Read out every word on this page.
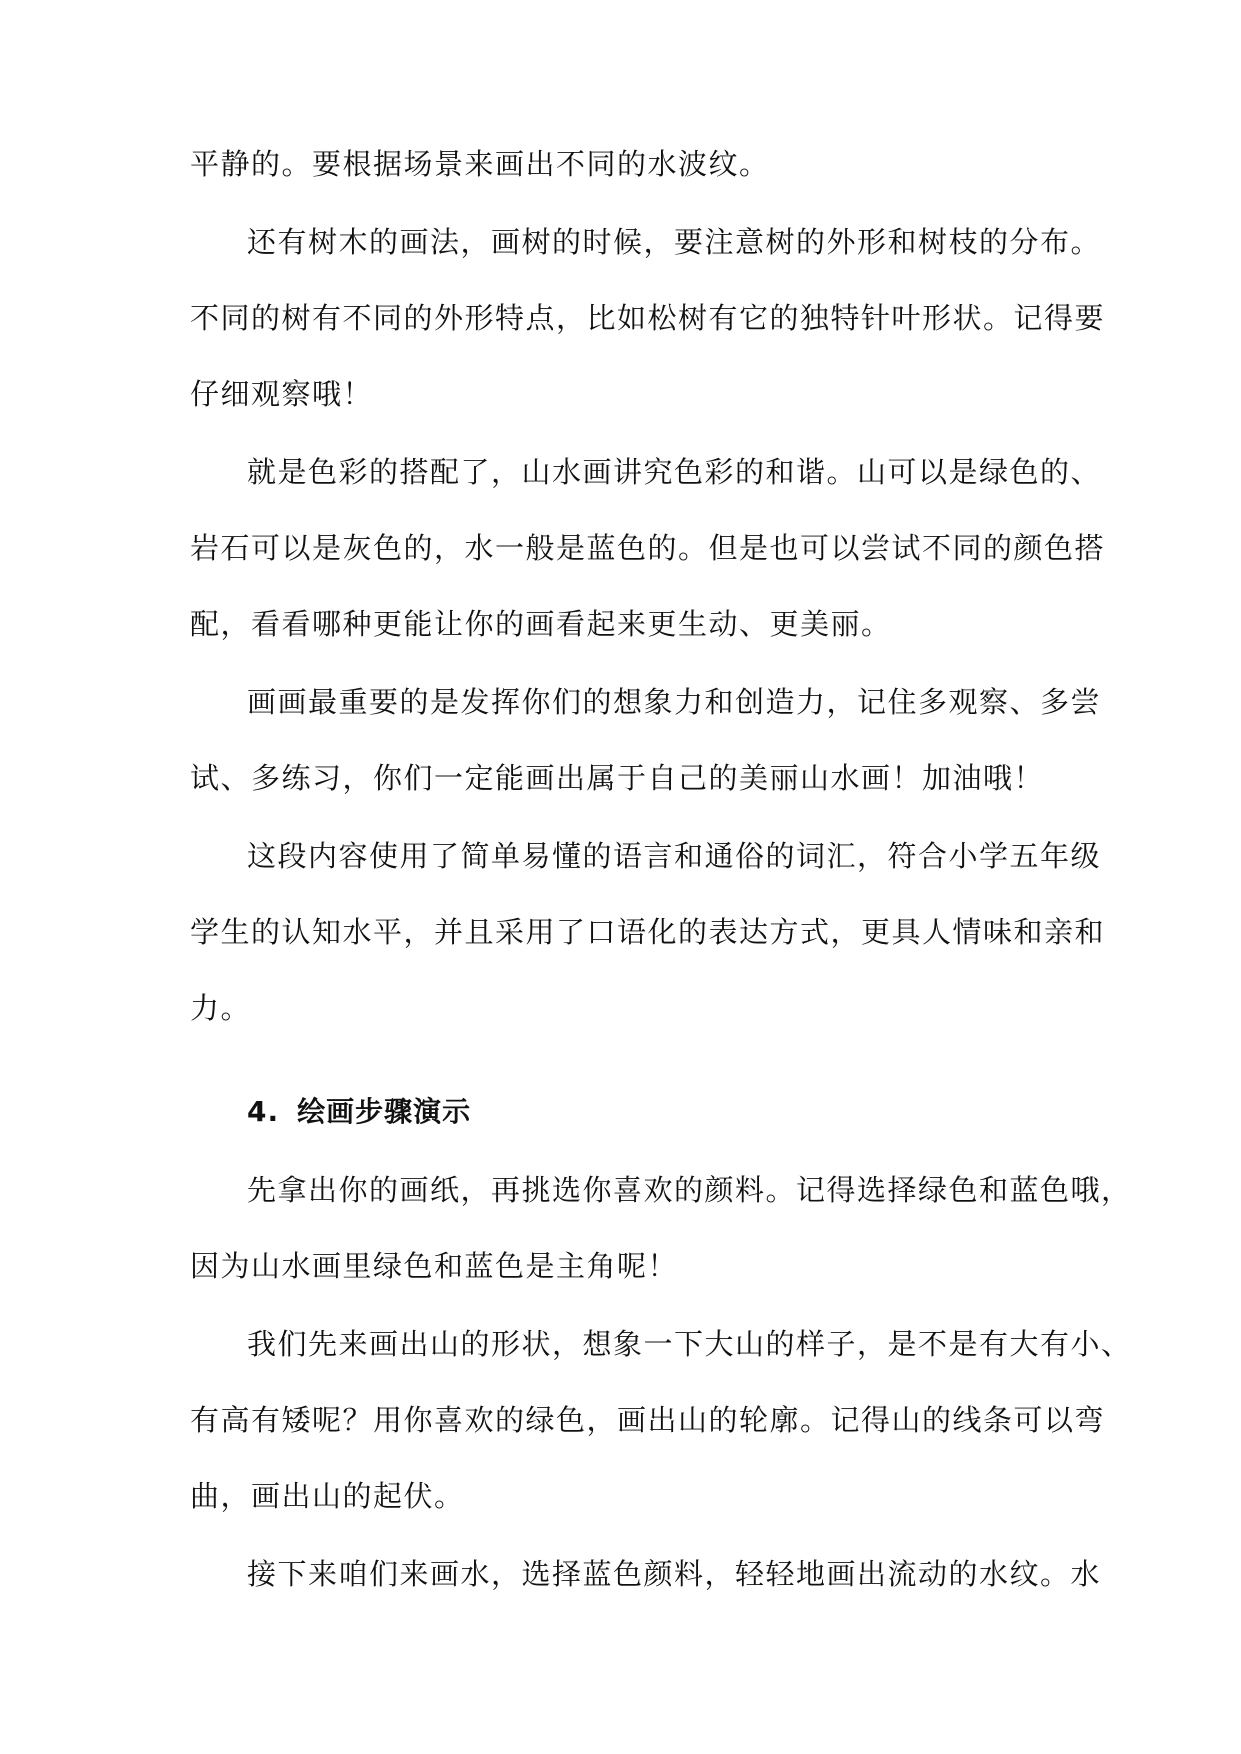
平静的。要根据场景来画出不同的水波纹。

还有树木的画法，画树的时候，要注意树的外形和树枝的分布。

不同的树有不同的外形特点，比如松树有它的独特针叶形状。记得要

仔细观察哦！

就是色彩的搭配了，山水画讲究色彩的和谐。山可以是绿色的、

岩石可以是灰色的，水一般是蓝色的。但是也可以尝试不同的颜色搭

配，看看哪种更能让你的画看起来更生动、更美丽。

画画最重要的是发挥你们的想象力和创造力，记住多观察、多尝

试、多练习，你们一定能画出属于自己的美丽山水画！加油哦！

这段内容使用了简单易懂的语言和通俗的词汇，符合小学五年级

学生的认知水平，并且采用了口语化的表达方式，更具人情味和亲和

力。

4. 绘画步骤演示

先拿出你的画纸，再挑选你喜欢的颜料。记得选择绿色和蓝色哦，

因为山水画里绿色和蓝色是主角呢！

我们先来画出山的形状，想象一下大山的样子，是不是有大有小、

有高有矮呢？用你喜欢的绿色，画出山的轮廓。记得山的线条可以弯

曲，画出山的起伏。

接下来咱们来画水，选择蓝色颜料，轻轻地画出流动的水纹。水
